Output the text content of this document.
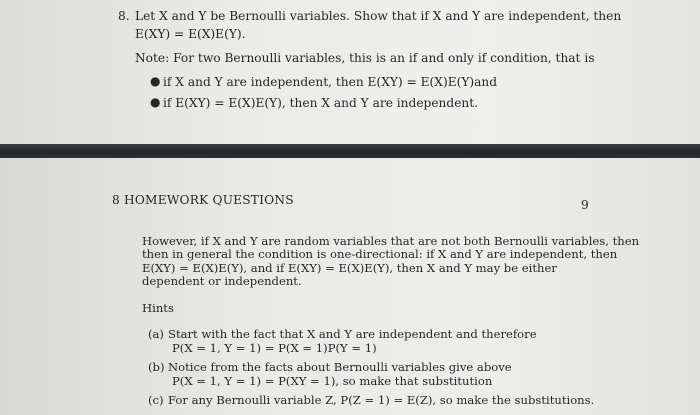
8. Let X and Y be Bernoulli variables. Show that if X and Y are independent, then
E(XY) = E(X)E(Y).
Note: For two Bernoulli variables, this is an if and only if condition, that is
● if X and Y are independent, then E(XY) = E(X)E(Y)and
● if E(XY) = E(X)E(Y), then X and Y are independent.
8 HOMEWORK QUESTIONS	9
However, if X and Y are random variables that are not both Bernoulli variables, then
then in general the condition is one-directional: if X and Y are independent, then
E(XY) = E(X)E(Y), and if E(XY) = E(X)E(Y), then X and Y may be either
dependent or independent.
Hints
(a) Start with the fact that X and Y are independent and therefore
P(X = 1, Y = 1) = P(X = 1)P(Y = 1)
(b) Notice from the facts about Bernoulli variables give above
P(X = 1, Y = 1) = P(XY = 1), so make that substitution
(c) For any Bernoulli variable Z, P(Z = 1) = E(Z), so make the substitutions.
